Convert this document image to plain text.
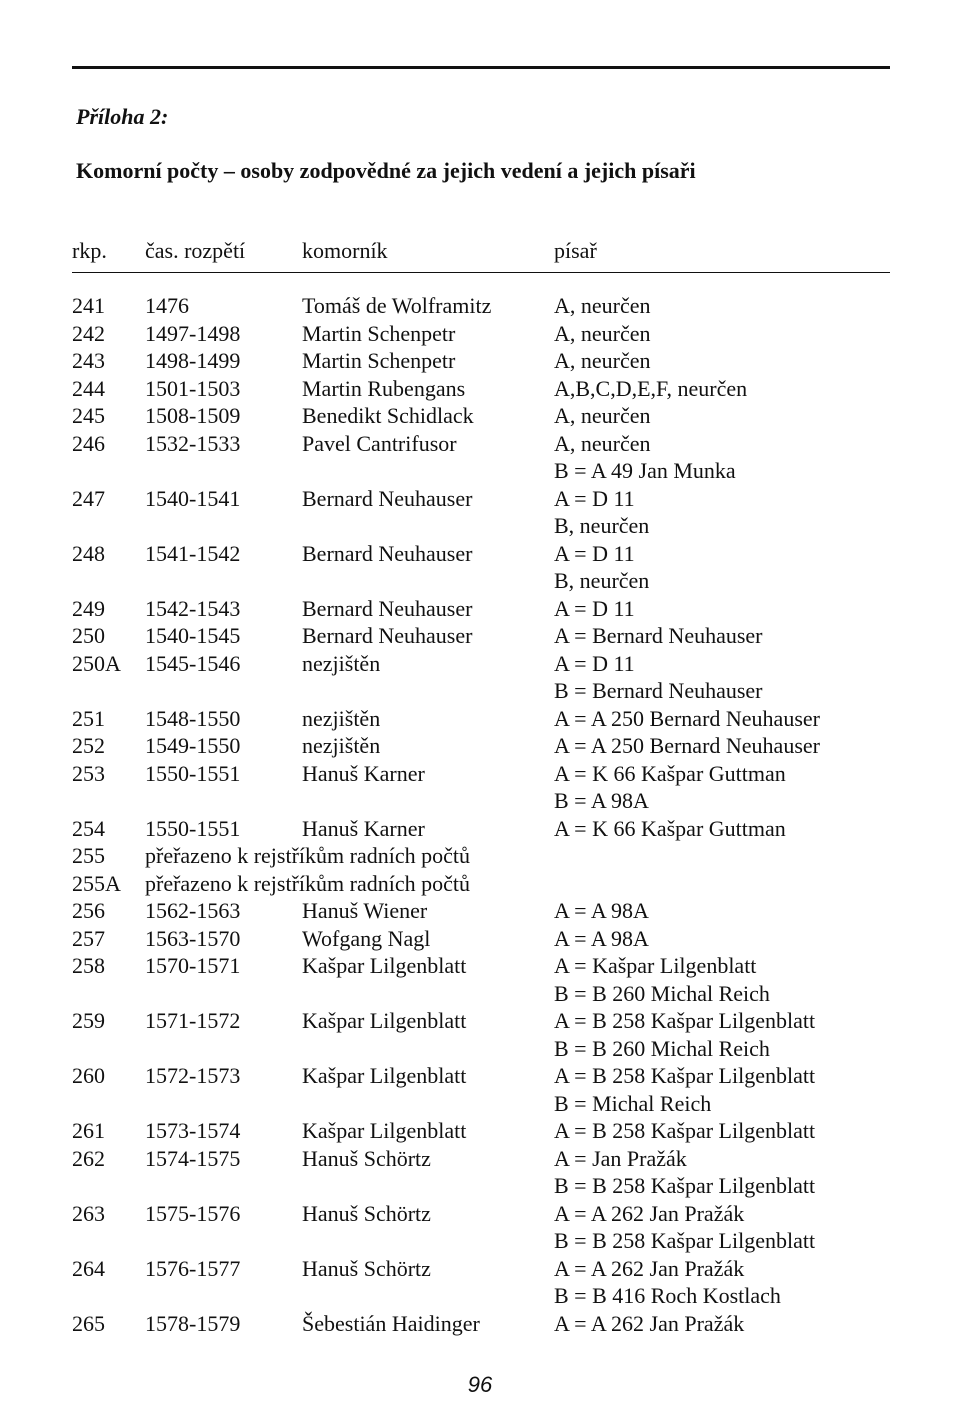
Příloha 2:
Komorní počty – osoby zodpovědné za jejich vedení a jejich písaři
rkp. čas. rozpětí	komorník	písař
241 1476	Tomáš de Wolframitz	A, neurčen
242 1497-1498	Martin Schenpetr	A, neurčen
243 1498-1499	Martin Schenpetr	A, neurčen
244 1501-1503	Martin Rubengans	A,B,C,D,E,F, neurčen
245 1508-1509	Benedikt Schidlack	A, neurčen
246 1532-1533	Pavel Cantrifusor	A, neurčen
B = A 49 Jan Munka
247 1540-1541	Bernard Neuhauser	A = D 11
B, neurčen
248 1541-1542	Bernard Neuhauser	A = D 11
B, neurčen
249 1542-1543	Bernard Neuhauser	A = D 11
250 1540-1545	Bernard Neuhauser	A = Bernard Neuhauser
250A 1545-1546	nezjištěn	A = D 11
B = Bernard Neuhauser
251 1548-1550	nezjištěn	A = A 250 Bernard Neuhauser
252 1549-1550	nezjištěn	A = A 250 Bernard Neuhauser
253 1550-1551	Hanuš Karner	A = K 66 Kašpar Guttman
B = A 98A
254 1550-1551	Hanuš Karner	A = K 66 Kašpar Guttman
255 přeřazeno k rejstříkům radních počtů
255A přeřazeno k rejstříkům radních počtů
256 1562-1563	Hanuš Wiener	A = A 98A
257 1563-1570	Wofgang Nagl	A = A 98A
258 1570-1571	Kašpar Lilgenblatt	A = Kašpar Lilgenblatt
B = B 260 Michal Reich
259 1571-1572	Kašpar Lilgenblatt	A = B 258 Kašpar Lilgenblatt
B = B 260 Michal Reich
260 1572-1573	Kašpar Lilgenblatt	A = B 258 Kašpar Lilgenblatt
B = Michal Reich
261 1573-1574	Kašpar Lilgenblatt	A = B 258 Kašpar Lilgenblatt
262 1574-1575	Hanuš Schörtz	A = Jan Pražák
B = B 258 Kašpar Lilgenblatt
263 1575-1576	Hanuš Schörtz	A = A 262 Jan Pražák
B = B 258 Kašpar Lilgenblatt
264 1576-1577	Hanuš Schörtz	A = A 262 Jan Pražák
B = B 416 Roch Kostlach
265 1578-1579	Šebestián Haidinger	A = A 262 Jan Pražák
96
